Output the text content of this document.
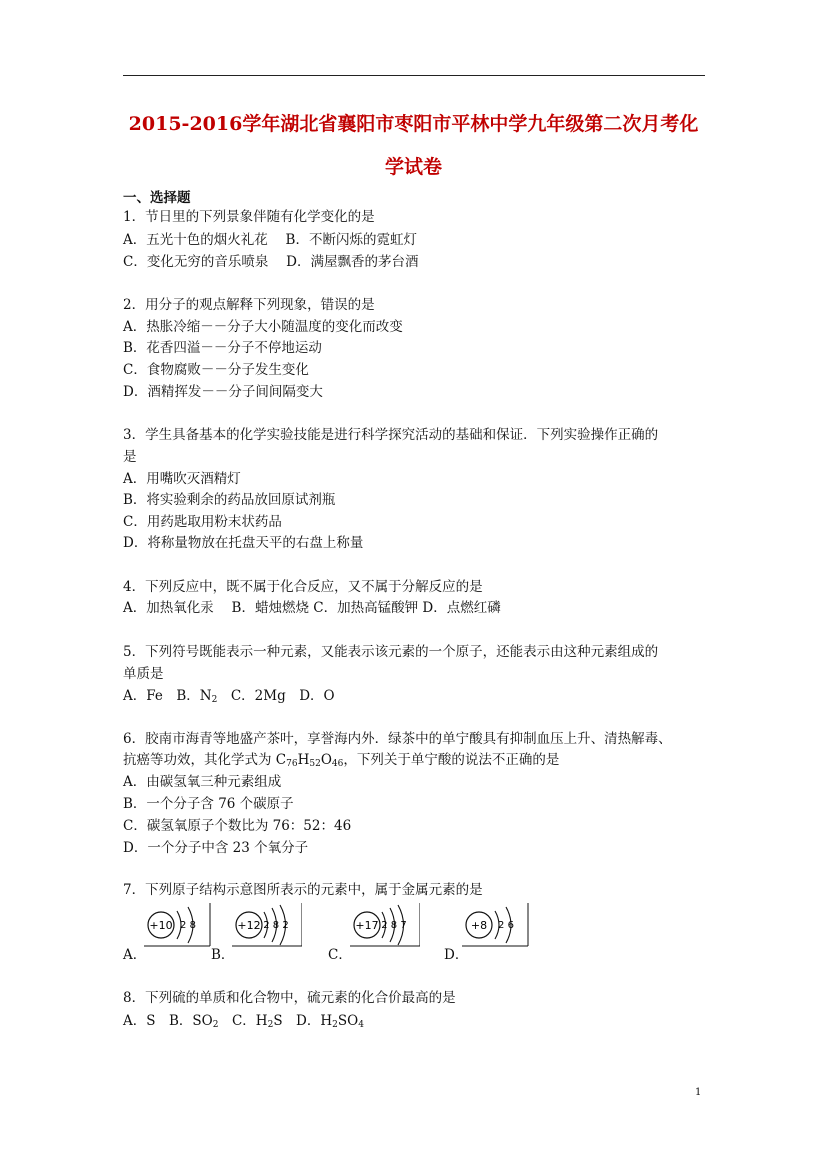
2015-2016学年湖北省襄阳市枣阳市平林中学九年级第二次月考化
学试卷
一、选择题
1．节日里的下列景象伴随有化学变化的是
A．五光十色的烟火礼花　 B．不断闪烁的霓虹灯
C．变化无穷的音乐喷泉　 D．满屋飘香的茅台酒
2．用分子的观点解释下列现象，错误的是
A．热胀冷缩－－分子大小随温度的变化而改变
B．花香四溢－－分子不停地运动
C．食物腐败－－分子发生变化
D．酒精挥发－－分子间间隔变大
3．学生具备基本的化学实验技能是进行科学探究活动的基础和保证．下列实验操作正确的
是
A．用嘴吹灭酒精灯
B．将实验剩余的药品放回原试剂瓶
C．用药匙取用粉末状药品
D．将称量物放在托盘天平的右盘上称量
4．下列反应中，既不属于化合反应，又不属于分解反应的是
A．加热氧化汞　 B．蜡烛燃烧 C．加热高锰酸钾 D．点燃红磷
5．下列符号既能表示一种元素，又能表示该元素的一个原子，还能表示由这种元素组成的
单质是
A．Fe　B．$N_2$　C．2Mg　D．O
6．胶南市海青等地盛产茶叶，享誉海内外．绿茶中的单宁酸具有抑制血压上升、清热解毒、
抗癌等功效，其化学式为 $C_{76}H_{52}O_{46}$，下列关于单宁酸的说法不正确的是
A．由碳氢氧三种元素组成
B．一个分子含 76 个碳原子
C．碳氢氧原子个数比为 76：52：46
D．一个分子中含 23 个氧分子
7．下列原子结构示意图所表示的元素中，属于金属元素的是
A．
+10 2 8
B．
+12 2 8 2
C．
+17 2 8 7
D．
+8 2 6
8．下列硫的单质和化合物中，硫元素的化合价最高的是
A．S　B．$SO_2$　C．$H_2S$　D．$H_2SO_4$
1
